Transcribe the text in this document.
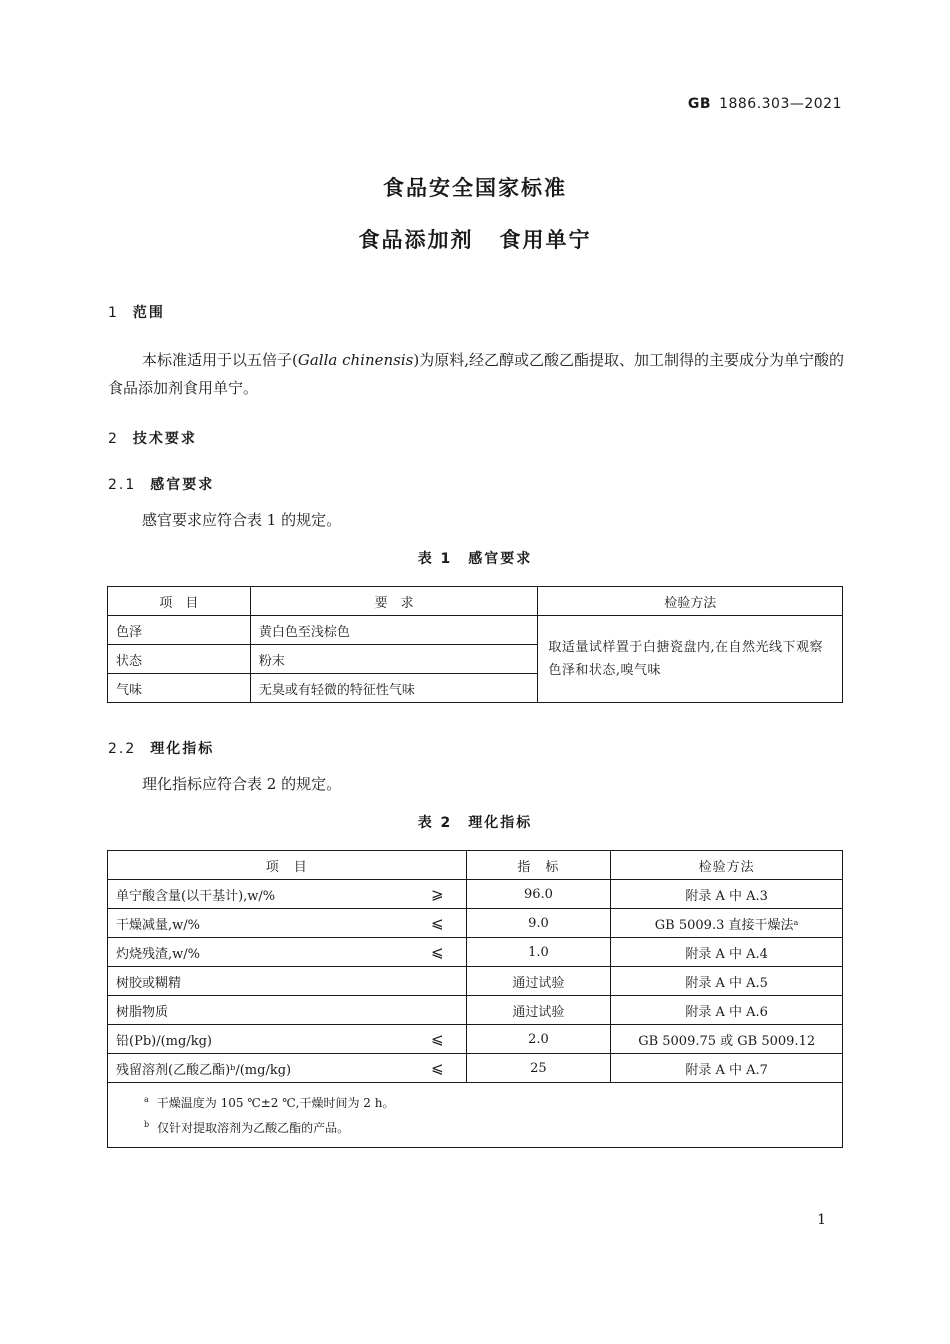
GB 1886.303—2021
食品安全国家标准
食品添加剂 食用单宁
1 范围
本标准适用于以五倍子(Galla chinensis)为原料,经乙醇或乙酸乙酯提取、加工制得的主要成分为单宁酸的食品添加剂食用单宁。
2 技术要求
2.1 感官要求
感官要求应符合表 1 的规定。
表 1　感官要求
项　目	要　求	检验方法
色泽	黄白色至浅棕色	取适量试样置于白搪瓷盘内,在自然光线下观察色泽和状态,嗅气味
状态	粉末	
气味	无臭或有轻微的特征性气味	
2.2 理化指标
理化指标应符合表 2 的规定。
表 2　理化指标
项　目	指　标	检验方法

单宁酸含量(以干基计),w/% ⩾	96.0	附录 A 中 A.3

干燥减量,w/% ⩽	9.0	GB 5009.3 直接干燥法ᵃ

灼烧残渣,w/% ⩽	1.0	附录 A 中 A.4

树胶或糊精	通过试验	附录 A 中 A.5

树脂物质	通过试验	附录 A 中 A.6

铅(Pb)/(mg/kg) ⩽	2.0	GB 5009.75 或 GB 5009.12

残留溶剂(乙酸乙酯)ᵇ/(mg/kg) ⩽	25	附录 A 中 A.7

$^a$ 干燥温度为 105 ℃±2 ℃,干燥时间为 2 h。
$^b$ 仅针对提取溶剂为乙酸乙酯的产品。		
1
